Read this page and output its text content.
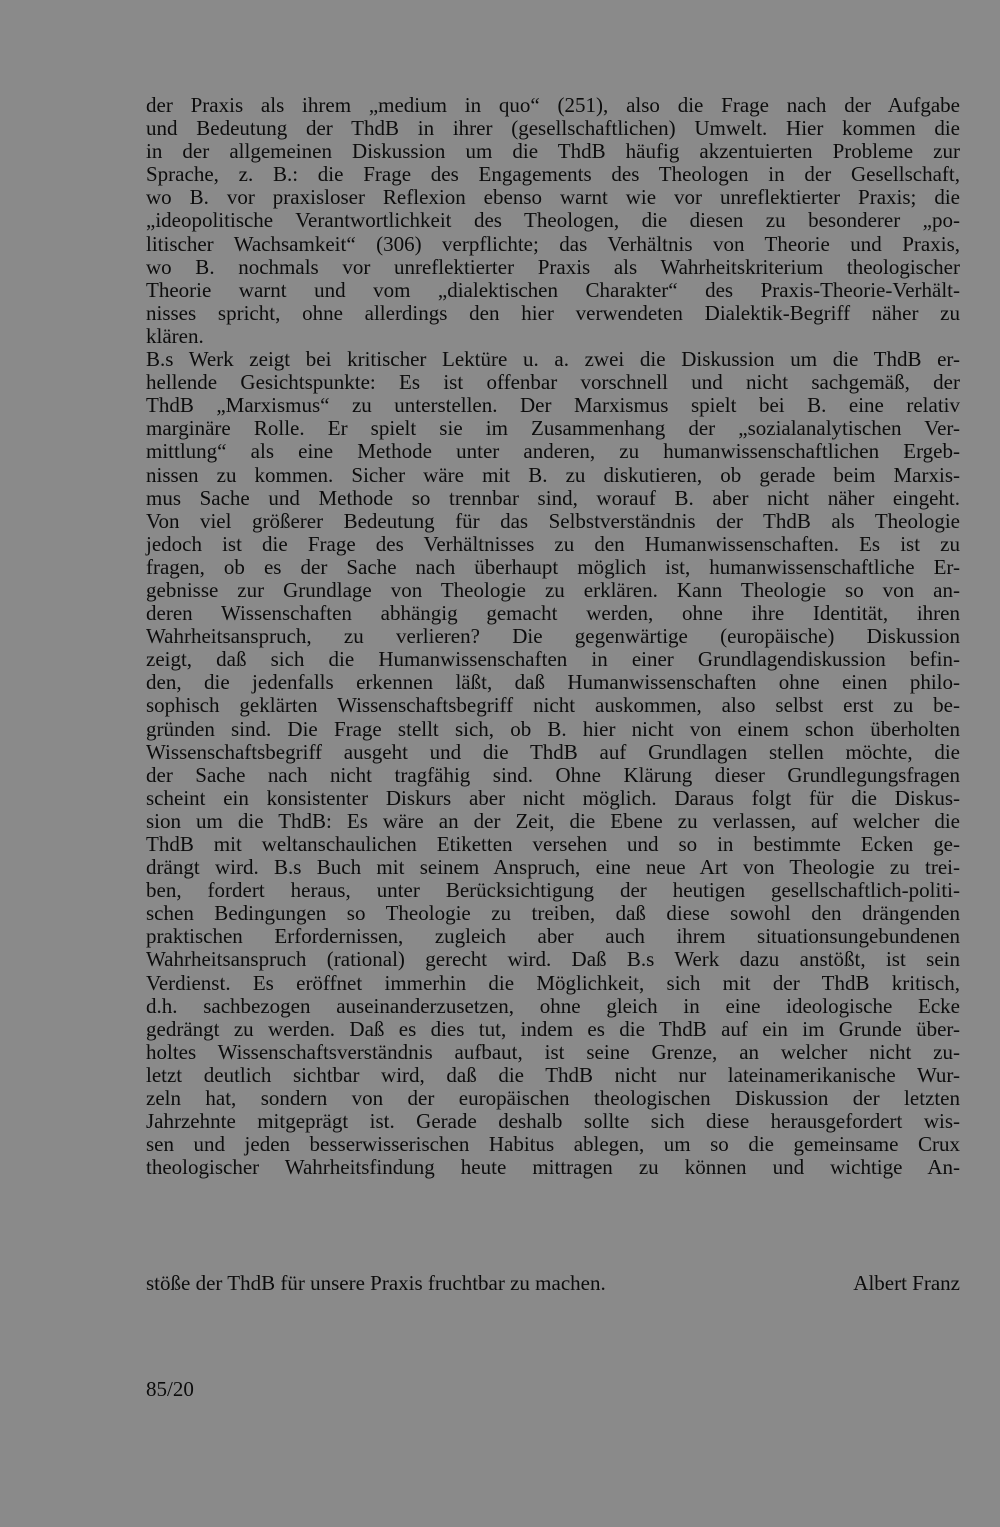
der Praxis als ihrem „medium in quo“ (251), also die Frage nach der Aufgabe
und Bedeutung der ThdB in ihrer (gesellschaftlichen) Umwelt. Hier kommen die
in der allgemeinen Diskussion um die ThdB häufig akzentuierten Probleme zur
Sprache, z. B.: die Frage des Engagements des Theologen in der Gesellschaft,
wo B. vor praxisloser Reflexion ebenso warnt wie vor unreflektierter Praxis; die
„ideopolitische Verantwortlichkeit des Theologen, die diesen zu besonderer „po-
litischer Wachsamkeit“ (306) verpflichte; das Verhältnis von Theorie und Praxis,
wo B. nochmals vor unreflektierter Praxis als Wahrheitskriterium theologischer
Theorie warnt und vom „dialektischen Charakter“ des Praxis-Theorie-Verhält-
nisses spricht, ohne allerdings den hier verwendeten Dialektik-Begriff näher zu
klären.
B.s Werk zeigt bei kritischer Lektüre u. a. zwei die Diskussion um die ThdB er-
hellende Gesichtspunkte: Es ist offenbar vorschnell und nicht sachgemäß, der
ThdB „Marxismus“ zu unterstellen. Der Marxismus spielt bei B. eine relativ
marginäre Rolle. Er spielt sie im Zusammenhang der „sozialanalytischen Ver-
mittlung“ als eine Methode unter anderen, zu humanwissenschaftlichen Ergeb-
nissen zu kommen. Sicher wäre mit B. zu diskutieren, ob gerade beim Marxis-
mus Sache und Methode so trennbar sind, worauf B. aber nicht näher eingeht.
Von viel größerer Bedeutung für das Selbstverständnis der ThdB als Theologie
jedoch ist die Frage des Verhältnisses zu den Humanwissenschaften. Es ist zu
fragen, ob es der Sache nach überhaupt möglich ist, humanwissenschaftliche Er-
gebnisse zur Grundlage von Theologie zu erklären. Kann Theologie so von an-
deren Wissenschaften abhängig gemacht werden, ohne ihre Identität, ihren
Wahrheitsanspruch, zu verlieren? Die gegenwärtige (europäische) Diskussion
zeigt, daß sich die Humanwissenschaften in einer Grundlagendiskussion befin-
den, die jedenfalls erkennen läßt, daß Humanwissenschaften ohne einen philo-
sophisch geklärten Wissenschaftsbegriff nicht auskommen, also selbst erst zu be-
gründen sind. Die Frage stellt sich, ob B. hier nicht von einem schon überholten
Wissenschaftsbegriff ausgeht und die ThdB auf Grundlagen stellen möchte, die
der Sache nach nicht tragfähig sind. Ohne Klärung dieser Grundlegungsfragen
scheint ein konsistenter Diskurs aber nicht möglich. Daraus folgt für die Diskus-
sion um die ThdB: Es wäre an der Zeit, die Ebene zu verlassen, auf welcher die
ThdB mit weltanschaulichen Etiketten versehen und so in bestimmte Ecken ge-
drängt wird. B.s Buch mit seinem Anspruch, eine neue Art von Theologie zu trei-
ben, fordert heraus, unter Berücksichtigung der heutigen gesellschaftlich-politi-
schen Bedingungen so Theologie zu treiben, daß diese sowohl den drängenden
praktischen Erfordernissen, zugleich aber auch ihrem situationsungebundenen
Wahrheitsanspruch (rational) gerecht wird. Daß B.s Werk dazu anstößt, ist sein
Verdienst. Es eröffnet immerhin die Möglichkeit, sich mit der ThdB kritisch,
d.h. sachbezogen auseinanderzusetzen, ohne gleich in eine ideologische Ecke
gedrängt zu werden. Daß es dies tut, indem es die ThdB auf ein im Grunde über-
holtes Wissenschaftsverständnis aufbaut, ist seine Grenze, an welcher nicht zu-
letzt deutlich sichtbar wird, daß die ThdB nicht nur lateinamerikanische Wur-
zeln hat, sondern von der europäischen theologischen Diskussion der letzten
Jahrzehnte mitgeprägt ist. Gerade deshalb sollte sich diese herausgefordert wis-
sen und jeden besserwisserischen Habitus ablegen, um so die gemeinsame Crux
theologischer Wahrheitsfindung heute mittragen zu können und wichtige An-
stöße der ThdB für unsere Praxis fruchtbar zu machen.	Albert Franz
85/20
